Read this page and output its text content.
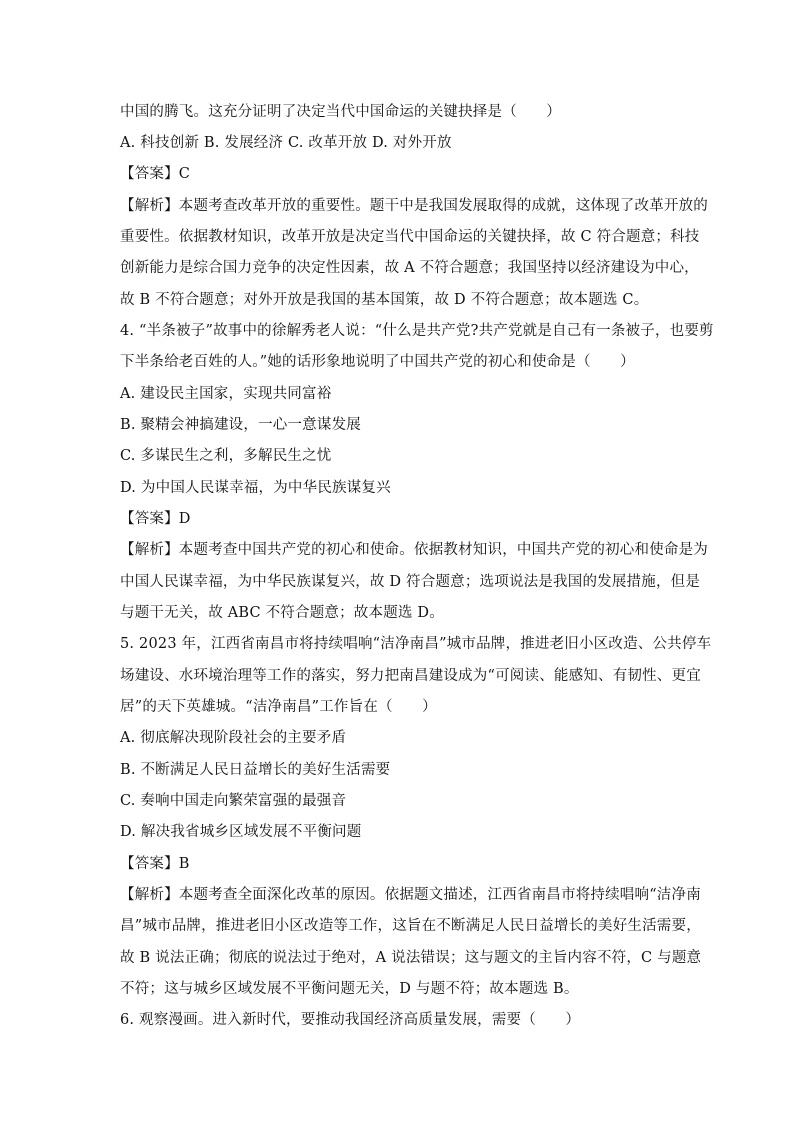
中国的腾飞。这充分证明了决定当代中国命运的关键抉择是（　　）
A. 科技创新 B. 发展经济 C. 改革开放 D. 对外开放
【答案】C
【解析】本题考查改革开放的重要性。题干中是我国发展取得的成就，这体现了改革开放的
重要性。依据教材知识，改革开放是决定当代中国命运的关键抉择，故 C 符合题意；科技
创新能力是综合国力竞争的决定性因素，故 A 不符合题意；我国坚持以经济建设为中心，
故 B 不符合题意；对外开放是我国的基本国策，故 D 不符合题意；故本题选 C。
4. “半条被子”故事中的徐解秀老人说：“什么是共产党?共产党就是自己有一条被子，也要剪
下半条给老百姓的人。”她的话形象地说明了中国共产党的初心和使命是（　　）
A. 建设民主国家，实现共同富裕
B. 聚精会神搞建设，一心一意谋发展
C. 多谋民生之利，多解民生之忧
D. 为中国人民谋幸福，为中华民族谋复兴
【答案】D
【解析】本题考查中国共产党的初心和使命。依据教材知识，中国共产党的初心和使命是为
中国人民谋幸福，为中华民族谋复兴，故 D 符合题意；选项说法是我国的发展措施，但是
与题干无关，故 ABC 不符合题意；故本题选 D。
5. 2023 年，江西省南昌市将持续唱响“洁净南昌”城市品牌，推进老旧小区改造、公共停车
场建设、水环境治理等工作的落实，努力把南昌建设成为“可阅读、能感知、有韧性、更宜
居”的天下英雄城。“洁净南昌”工作旨在（　　）
A. 彻底解决现阶段社会的主要矛盾
B. 不断满足人民日益增长的美好生活需要
C. 奏响中国走向繁荣富强的最强音
D. 解决我省城乡区域发展不平衡问题
【答案】B
【解析】本题考查全面深化改革的原因。依据题文描述，江西省南昌市将持续唱响“洁净南
昌”城市品牌，推进老旧小区改造等工作，这旨在不断满足人民日益增长的美好生活需要，
故 B 说法正确；彻底的说法过于绝对，A 说法错误；这与题文的主旨内容不符，C 与题意
不符；这与城乡区域发展不平衡问题无关，D 与题不符；故本题选 B。
6. 观察漫画。进入新时代，要推动我国经济高质量发展，需要（　　）
